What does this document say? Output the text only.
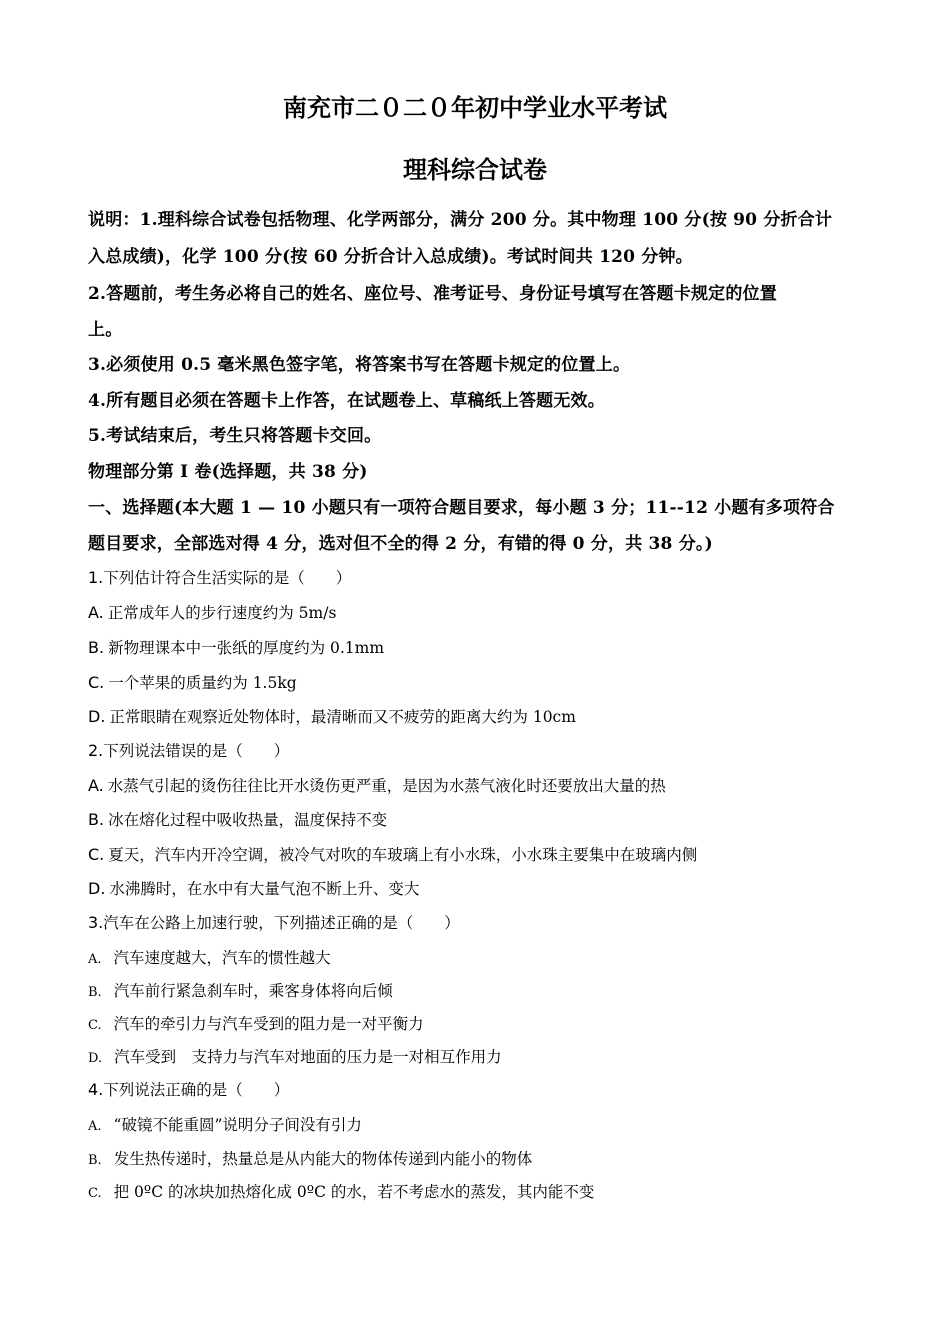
南充市二０二０年初中学业水平考试
理科综合试卷
说明：1.理科综合试卷包括物理、化学两部分，满分 200 分。其中物理 100 分(按 90 分折合计
入总成绩)，化学 100 分(按 60 分折合计入总成绩)。考试时间共 120 分钟。
2.答题前，考生务必将自己的姓名、座位号、准考证号、身份证号填写在答题卡规定的位置
上。
3.必须使用 0.5 毫米黑色签字笔，将答案书写在答题卡规定的位置上。
4.所有题目必须在答题卡上作答，在试题卷上、草稿纸上答题无效。
5.考试结束后，考生只将答题卡交回。
物理部分第 I 卷(选择题，共 38 分)
一、选择题(本大题 1 — 10 小题只有一项符合题目要求，每小题 3 分；11--12 小题有多项符合
题目要求，全部选对得 4 分，选对但不全的得 2 分，有错的得 0 分，共 38 分。)
1.下列估计符合生活实际的是（　　）
A. 正常成年人的步行速度约为 5m/s
B. 新物理课本中一张纸的厚度约为 0.1mm
C. 一个苹果的质量约为 1.5kg
D. 正常眼睛在观察近处物体时，最清晰而又不疲劳的距离大约为 10cm
2.下列说法错误的是（　　）
A. 水蒸气引起的烫伤往往比开水烫伤更严重，是因为水蒸气液化时还要放出大量的热
B. 冰在熔化过程中吸收热量，温度保持不变
C. 夏天，汽车内开冷空调，被冷气对吹的车玻璃上有小水珠，小水珠主要集中在玻璃内侧
D. 水沸腾时，在水中有大量气泡不断上升、变大
3.汽车在公路上加速行驶，下列描述正确的是（　　）
A. 汽车速度越大，汽车的惯性越大
B. 汽车前行紧急刹车时，乘客身体将向后倾
C. 汽车的牵引力与汽车受到的阻力是一对平衡力
D. 汽车受到　支持力与汽车对地面的压力是一对相互作用力
4.下列说法正确的是（　　）
A. “破镜不能重圆”说明分子间没有引力
B. 发生热传递时，热量总是从内能大的物体传递到内能小的物体
C. 把 0ºC 的冰块加热熔化成 0ºC 的水，若不考虑水的蒸发，其内能不变
